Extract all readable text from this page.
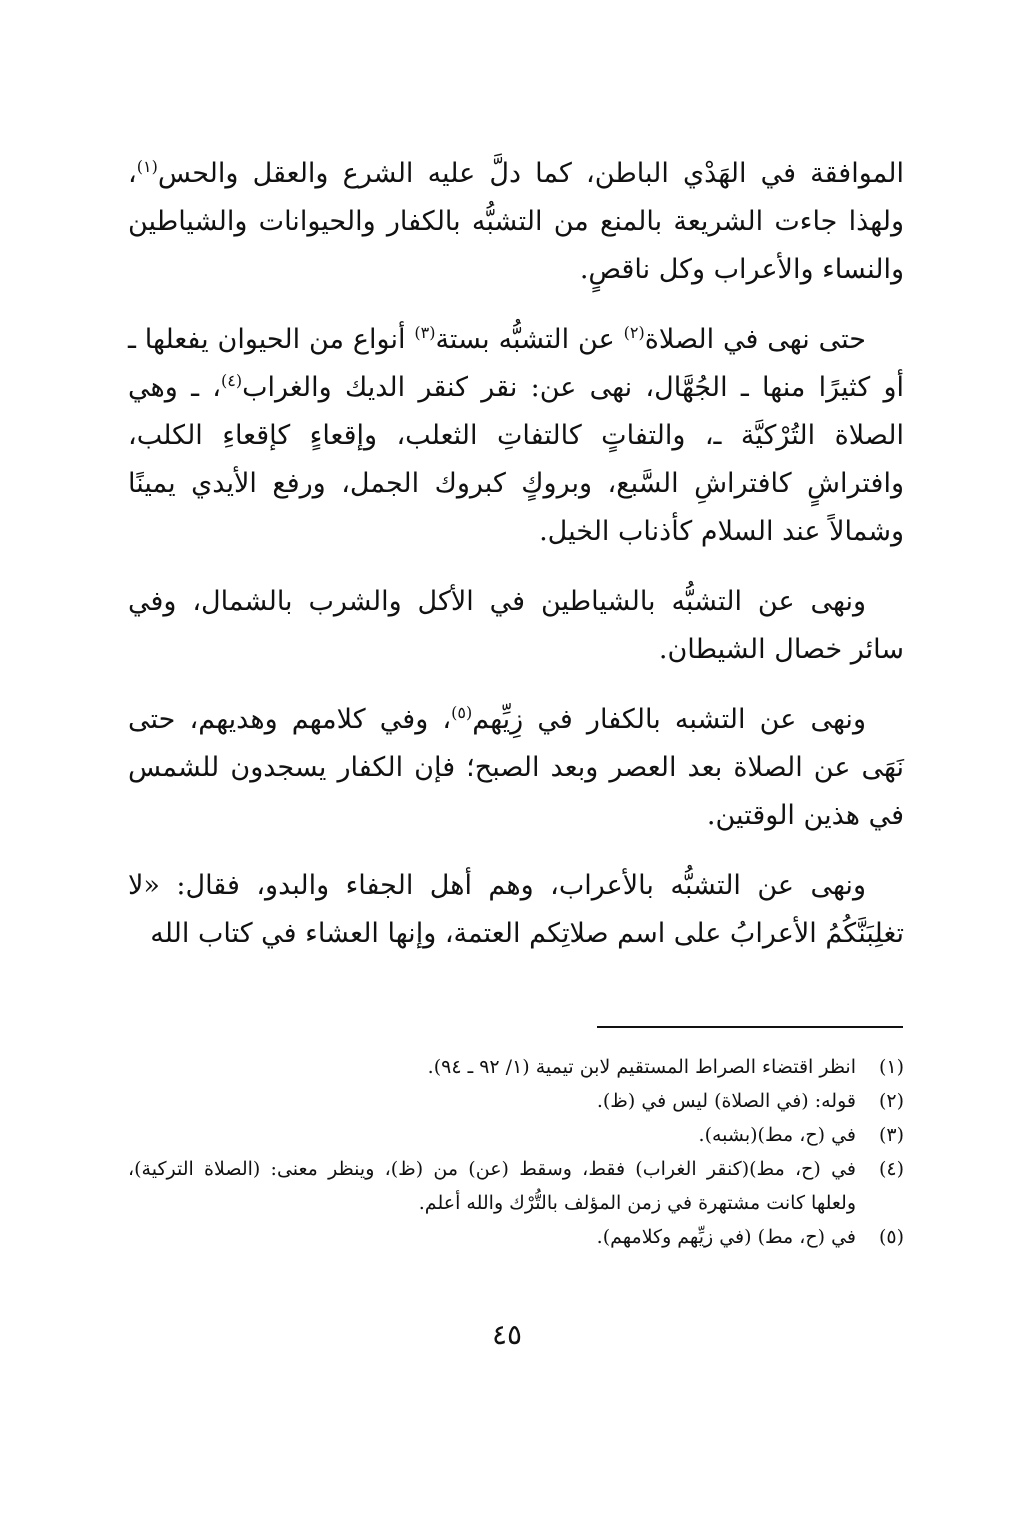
الموافقة في الهَدْي الباطن، كما دلَّ عليه الشرع والعقل والحس$^{(١)}$، ولهذا جاءت الشريعة بالمنع من التشبُّه بالكفار والحيوانات والشياطين والنساء والأعراب وكل ناقصٍ.

حتى نهى في الصلاة$^{(٢)}$ عن التشبُّه بستة$^{(٣)}$ أنواع من الحيوان يفعلها ـ أو كثيرًا منها ـ الجُهَّال، نهى عن: نقر كنقر الديك والغراب$^{(٤)}$، ـ وهي الصلاة التُرْكيَّة ـ، والتفاتٍ كالتفاتِ الثعلب، وإقعاءٍ كإقعاءِ الكلب، وافتراشٍ كافتراشِ السَّبع، وبروكٍ كبروك الجمل، ورفع الأيدي يمينًا وشمالاً عند السلام كأذناب الخيل.

ونهى عن التشبُّه بالشياطين في الأكل والشرب بالشمال، وفي سائر خصال الشيطان.

ونهى عن التشبه بالكفار في زِيِّهم$^{(٥)}$، وفي كلامهم وهديهم، حتى نَهَى عن الصلاة بعد العصر وبعد الصبح؛ فإن الكفار يسجدون للشمس في هذين الوقتين.

ونهى عن التشبُّه بالأعراب، وهم أهل الجفاء والبدو، فقال: «لا تغلِبَنَّكُمُ الأعرابُ على اسم صلاتِكم العتمة، وإنها العشاء في كتاب الله

(١)
انظر اقتضاء الصراط المستقيم لابن تيمية (١/ ٩٢ ـ ٩٤).
(٢)
قوله: (في الصلاة) ليس في (ظ).
(٣)
في (ح، مط)(بشبه).
(٤)
في (ح، مط)(كنقر الغراب) فقط، وسقط (عن) من (ظ)، وينظر معنى: (الصلاة التركية)، ولعلها كانت مشتهرة في زمن المؤلف بالتُّرْك والله أعلم.
(٥)
في (ح، مط) (في زيِّهم وكلامهم).
٤٥
